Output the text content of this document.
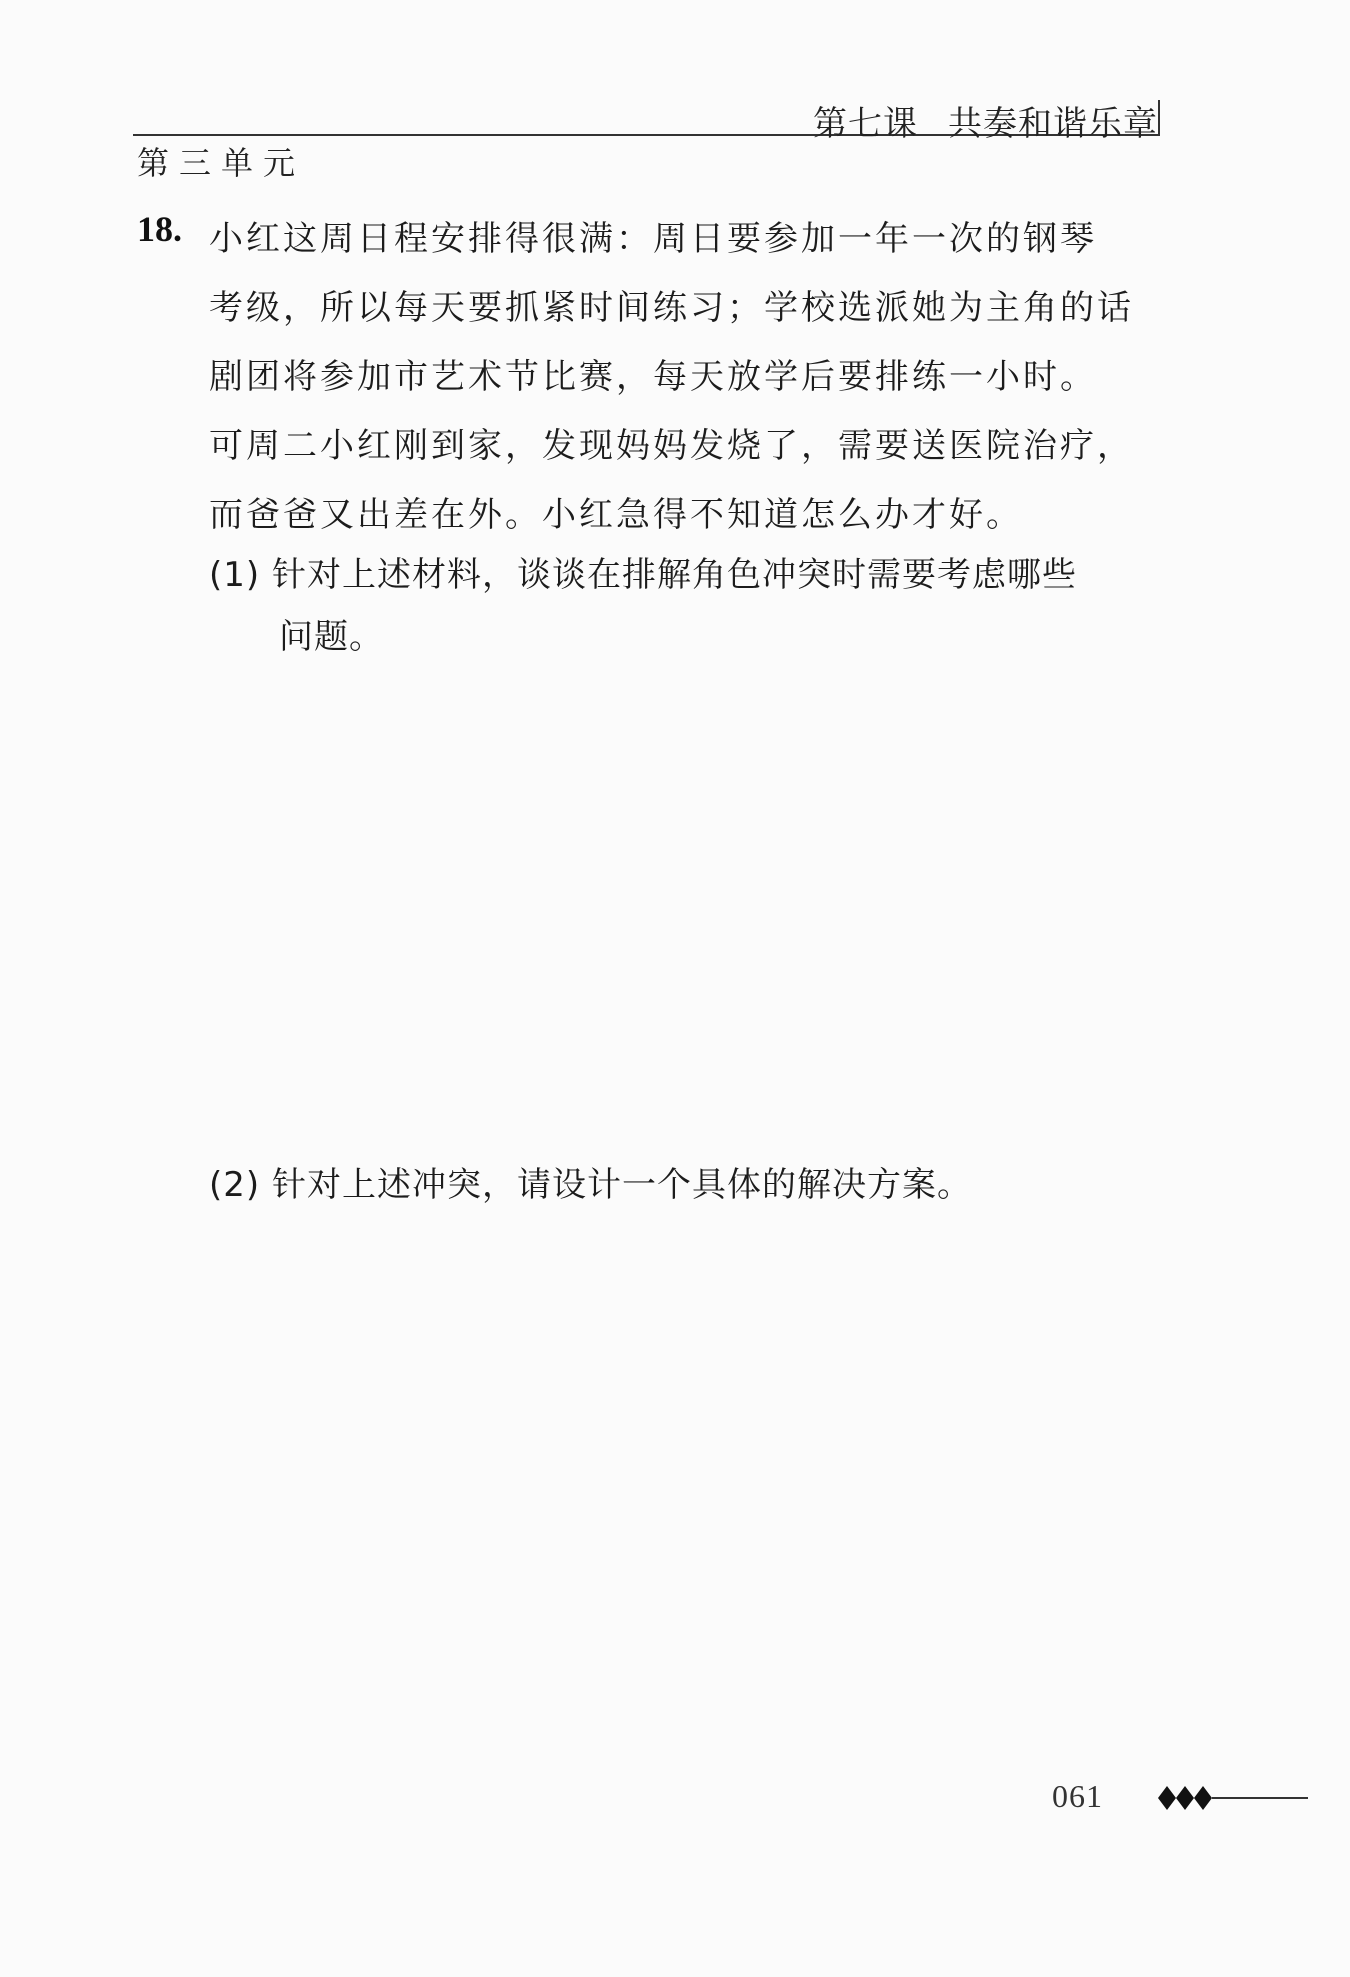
第七课 共奏和谐乐章
第三单元
18. 小红这周日程安排得很满：周日要参加一年一次的钢琴
考级，所以每天要抓紧时间练习；学校选派她为主角的话
剧团将参加市艺术节比赛，每天放学后要排练一小时。
可周二小红刚到家，发现妈妈发烧了，需要送医院治疗，
而爸爸又出差在外。小红急得不知道怎么办才好。
(1) 针对上述材料，谈谈在排解角色冲突时需要考虑哪些
问题。
(2) 针对上述冲突，请设计一个具体的解决方案。
061
